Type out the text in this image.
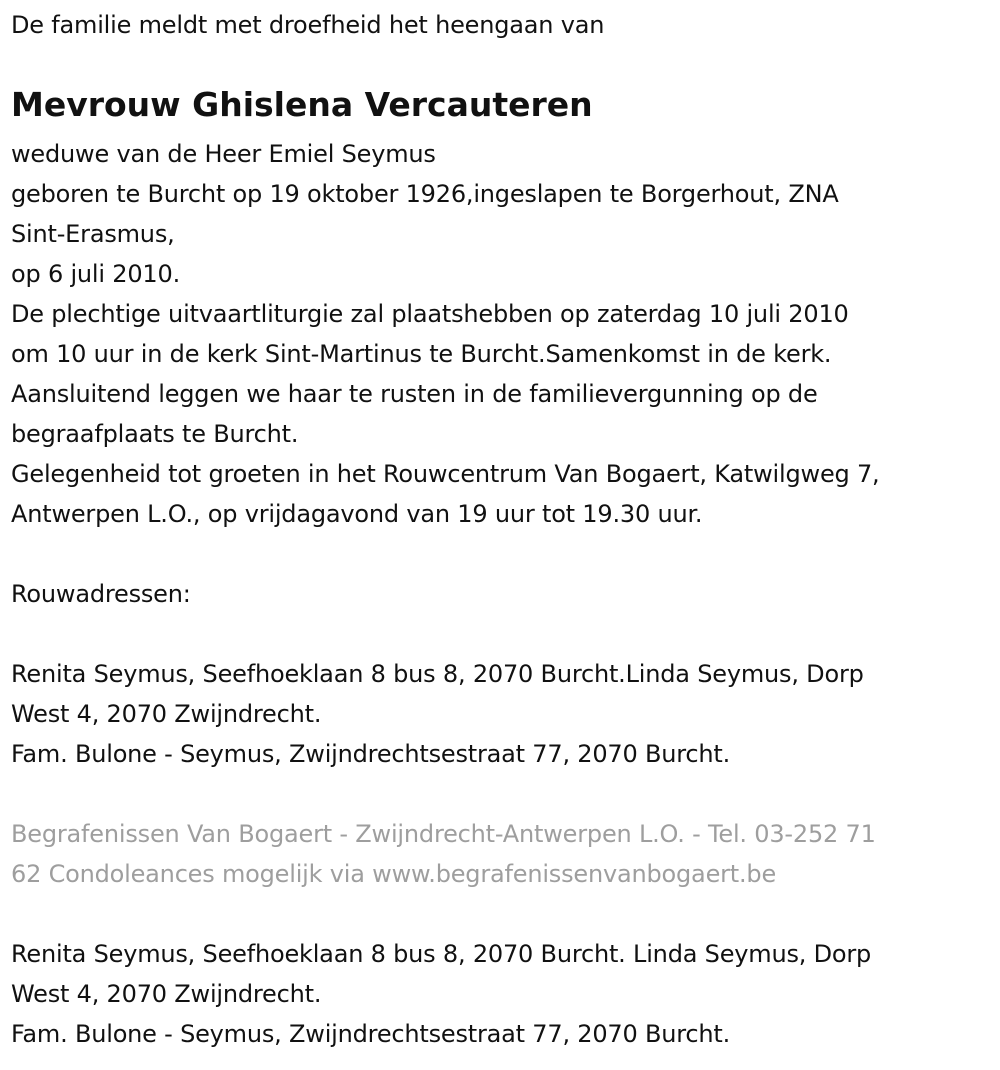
De familie meldt met droefheid het heengaan van
Mevrouw Ghislena Vercauteren
weduwe van de Heer Emiel Seymus
geboren te Burcht op 19 oktober 1926,ingeslapen te Borgerhout, ZNA
Sint-Erasmus,
op 6 juli 2010.
De plechtige uitvaartliturgie zal plaatshebben op zaterdag 10 juli 2010
om 10 uur in de kerk Sint-Martinus te Burcht.Samenkomst in de kerk.
Aansluitend leggen we haar te rusten in de familievergunning op de
begraafplaats te Burcht.
Gelegenheid tot groeten in het Rouwcentrum Van Bogaert, Katwilgweg 7,
Antwerpen L.O., op vrijdagavond van 19 uur tot 19.30 uur.
Rouwadressen:
Renita Seymus, Seefhoeklaan 8 bus 8, 2070 Burcht.Linda Seymus, Dorp
West 4, 2070 Zwijndrecht.
Fam. Bulone - Seymus, Zwijndrechtsestraat 77, 2070 Burcht.
Begrafenissen Van Bogaert - Zwijndrecht-Antwerpen L.O. - Tel. 03-252 71
62 Condoleances mogelijk via www.begrafenissenvanbogaert.be
Renita Seymus, Seefhoeklaan 8 bus 8, 2070 Burcht. Linda Seymus, Dorp
West 4, 2070 Zwijndrecht.
Fam. Bulone - Seymus, Zwijndrechtsestraat 77, 2070 Burcht.
